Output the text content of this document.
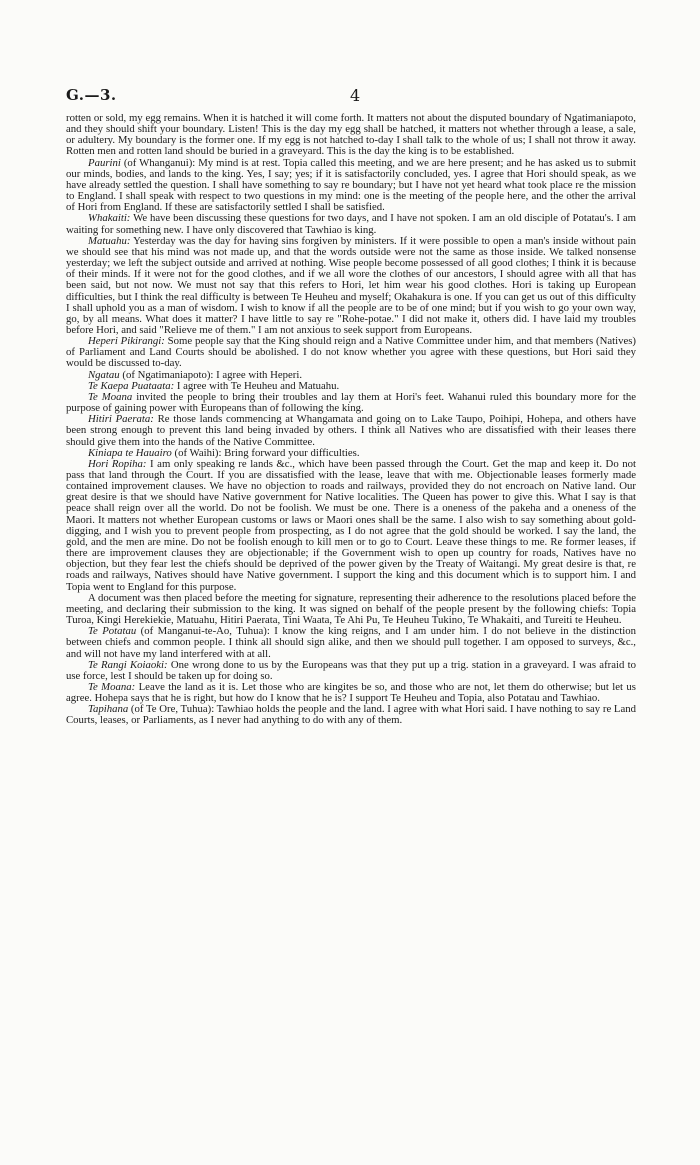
G.—3.	4

rotten or sold, my egg remains. When it is hatched it will come forth. It matters not about the disputed boundary of Ngatimaniapoto, and they should shift your boundary. Listen! This is the day my egg shall be hatched, it matters not whether through a lease, a sale, or adultery. My boundary is the former one. If my egg is not hatched to-day I shall talk to the whole of us; I shall not throw it away. Rotten men and rotten land should be buried in a graveyard. This is the day the king is to be established.

Paurini (of Whanganui): My mind is at rest. Topia called this meeting, and we are here present; and he has asked us to submit our minds, bodies, and lands to the king. Yes, I say; yes; if it is satisfactorily concluded, yes. I agree that Hori should speak, as we have already settled the question. I shall have something to say re boundary; but I have not yet heard what took place re the mission to England. I shall speak with respect to two questions in my mind: one is the meeting of the people here, and the other the arrival of Hori from England. If these are satisfactorily settled I shall be satisfied.

Whakaiti: We have been discussing these questions for two days, and I have not spoken. I am an old disciple of Potatau's. I am waiting for something new. I have only discovered that Tawhiao is king.

Matuahu: Yesterday was the day for having sins forgiven by ministers. If it were possible to open a man's inside without pain we should see that his mind was not made up, and that the words outside were not the same as those inside. We talked nonsense yesterday; we left the subject outside and arrived at nothing. Wise people become possessed of all good clothes; I think it is because of their minds. If it were not for the good clothes, and if we all wore the clothes of our ancestors, I should agree with all that has been said, but not now. We must not say that this refers to Hori, let him wear his good clothes. Hori is taking up European difficulties, but I think the real difficulty is between Te Heuheu and myself; Okahakura is one. If you can get us out of this difficulty I shall uphold you as a man of wisdom. I wish to know if all the people are to be of one mind; but if you wish to go your own way, go, by all means. What does it matter? I have little to say re "Rohe-potae." I did not make it, others did. I have laid my troubles before Hori, and said "Relieve me of them." I am not anxious to seek support from Europeans.

Heperi Pikirangi: Some people say that the King should reign and a Native Committee under him, and that members (Natives) of Parliament and Land Courts should be abolished. I do not know whether you agree with these questions, but Hori said they would be discussed to-day.

Ngatau (of Ngatimaniapoto): I agree with Heperi.

Te Kaepa Puataata: I agree with Te Heuheu and Matuahu.

Te Moana invited the people to bring their troubles and lay them at Hori's feet. Wahanui ruled this boundary more for the purpose of gaining power with Europeans than of following the king.

Hitiri Paerata: Re those lands commencing at Whangamata and going on to Lake Taupo, Poihipi, Hohepa, and others have been strong enough to prevent this land being invaded by others. I think all Natives who are dissatisfied with their leases there should give them into the hands of the Native Committee.

Kiniapa te Hauairo (of Waihi): Bring forward your difficulties.

Hori Ropiha: I am only speaking re lands &c., which have been passed through the Court. Get the map and keep it. Do not pass that land through the Court. If you are dissatisfied with the lease, leave that with me. Objectionable leases formerly made contained improvement clauses. We have no objection to roads and railways, provided they do not encroach on Native land. Our great desire is that we should have Native government for Native localities. The Queen has power to give this. What I say is that peace shall reign over all the world. Do not be foolish. We must be one. There is a oneness of the pakeha and a oneness of the Maori. It matters not whether European customs or laws or Maori ones shall be the same. I also wish to say something about gold-digging, and I wish you to prevent people from prospecting, as I do not agree that the gold should be worked. I say the land, the gold, and the men are mine. Do not be foolish enough to kill men or to go to Court. Leave these things to me. Re former leases, if there are improvement clauses they are objectionable; if the Government wish to open up country for roads, Natives have no objection, but they fear lest the chiefs should be deprived of the power given by the Treaty of Waitangi. My great desire is that, re roads and railways, Natives should have Native government. I support the king and this document which is to support him. I and Topia went to England for this purpose.

A document was then placed before the meeting for signature, representing their adherence to the resolutions placed before the meeting, and declaring their submission to the king. It was signed on behalf of the people present by the following chiefs: Topia Turoa, Kingi Herekiekie, Matuahu, Hitiri Paerata, Tini Waata, Te Ahi Pu, Te Heuheu Tukino, Te Whakaiti, and Tureiti te Heuheu.

Te Potatau (of Manganui-te-Ao, Tuhua): I know the king reigns, and I am under him. I do not believe in the distinction between chiefs and common people. I think all should sign alike, and then we should pull together. I am opposed to surveys, &c., and will not have my land interfered with at all.

Te Rangi Koiaoki: One wrong done to us by the Europeans was that they put up a trig. station in a graveyard. I was afraid to use force, lest I should be taken up for doing so.

Te Moana: Leave the land as it is. Let those who are kingites be so, and those who are not, let them do otherwise; but let us agree. Hohepa says that he is right, but how do I know that he is? I support Te Heuheu and Topia, also Potatau and Tawhiao.

Tapihana (of Te Ore, Tuhua): Tawhiao holds the people and the land. I agree with what Hori said. I have nothing to say re Land Courts, leases, or Parliaments, as I never had anything to do with any of them.
